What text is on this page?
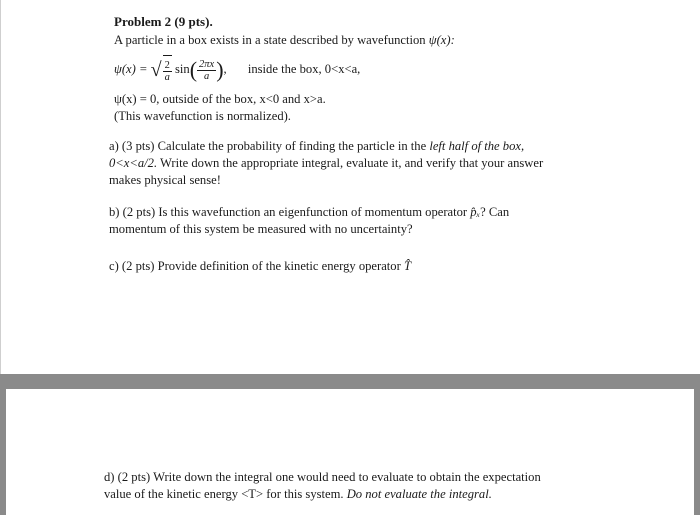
Problem 2 (9 pts).
A particle in a box exists in a state described by wavefunction ψ(x):
ψ(x) = √ $\frac{2}{a} \sin( \frac{2\pi x}{a}$ ), inside the box, 0<x<a,
ψ(x) = 0, outside of the box, x<0 and x>a.
(This wavefunction is normalized).
a) (3 pts) Calculate the probability of finding the particle in the left half of the box,
0<x<a/2. Write down the appropriate integral, evaluate it, and verify that your answer
makes physical sense!
b) (2 pts) Is this wavefunction an eigenfunction of momentum operator p̂ₓ? Can
momentum of this system be measured with no uncertainty?
c) (2 pts) Provide definition of the kinetic energy operator T̂
d) (2 pts) Write down the integral one would need to evaluate to obtain the expectation
value of the kinetic energy <T> for this system. Do not evaluate the integral.
